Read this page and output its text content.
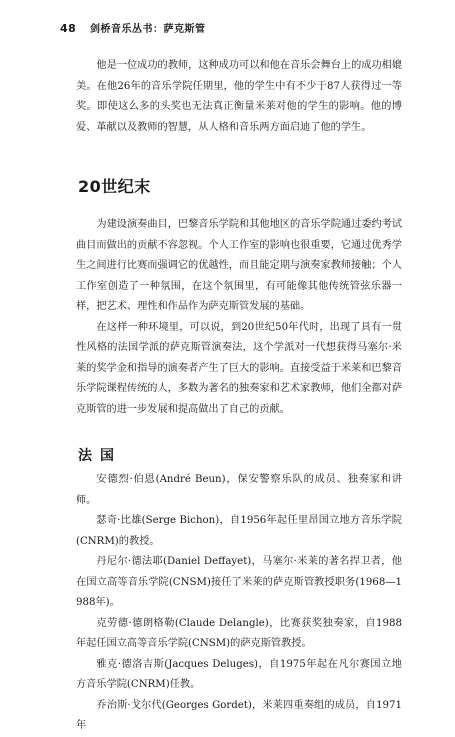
48 剑桥音乐丛书：萨克斯管

他是一位成功的教师，这种成功可以和他在音乐会舞台上的成功相媲美。在他26年的音乐学院任期里，他的学生中有不少于87人获得过一等奖。即使这么多的头奖也无法真正衡量米莱对他的学生的影响。他的博爱、革献以及教师的智慧，从人格和音乐两方面启迪了他的学生。

20世纪末

为建设演奏曲目，巴黎音乐学院和其他地区的音乐学院通过委约考试曲目而做出的贡献不容忽视。个人工作室的影响也很重要，它通过优秀学生之间进行比赛而强调它的优越性，而且能定期与演奏家教师接触；个人工作室创造了一种氛围，在这个氛围里，有可能像其他传统管弦乐器一样，把艺术、理性和作品作为萨克斯管发展的基础。

在这样一种环境里，可以说，到20世纪50年代时，出现了具有一贯性风格的法国学派的萨克斯管演奏法，这个学派对一代想获得马塞尔·米莱的奖学金和指导的演奏者产生了巨大的影响。直接受益于米莱和巴黎音乐学院课程传统的人，多数为著名的独奏家和艺术家教师，他们全都对萨克斯管的进一步发展和提高做出了自己的贡献。

法国

安德烈·伯恩(André Beun)，保安警察乐队的成员、独奏家和讲师。

瑟奇·比雄(Serge Bichon)，自1956年起任里昂国立地方音乐学院(CNRM)的教授。

丹尼尔·德法耶(Daniel Deffayet)，马塞尔·米莱的著名捍卫者，他在国立高等音乐学院(CNSM)接任了米莱的萨克斯管教授职务(1968—1988年)。

克劳德·德朗格勒(Claude Delangle)，比赛获奖独奏家，自1988年起任国立高等音乐学院(CNSM)的萨克斯管教授。

雅克·德洛吉斯(Jacques Deluges)，自1975年起在凡尔赛国立地方音乐学院(CNRM)任教。

乔治斯·戈尔代(Georges Gordet)，米莱四重奏组的成员，自1971年
